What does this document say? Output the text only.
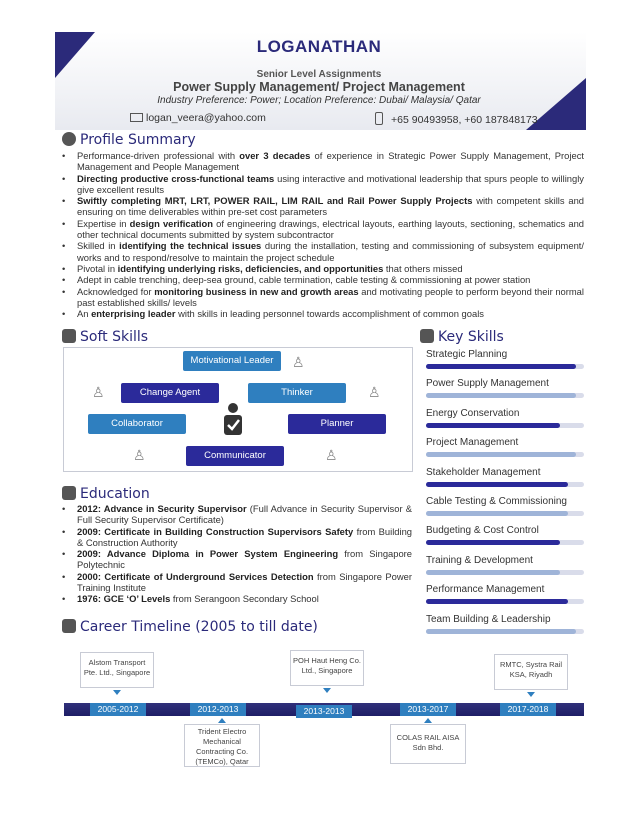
LOGANATHAN
Senior Level Assignments
Power Supply Management/ Project Management
Industry Preference: Power; Location Preference: Dubai/ Malaysia/ Qatar
logan_veera@yahoo.com	+65 90493958, +60 187848173
Profile Summary
• Performance-driven professional with over 3 decades of experience in Strategic Power Supply Management, Project Management and People Management
• Directing productive cross-functional teams using interactive and motivational leadership that spurs people to willingly give excellent results
• Swiftly completing MRT, LRT, POWER RAIL, LIM RAIL and Rail Power Supply Projects with competent skills and ensuring on time deliverables within pre-set cost parameters
• Expertise in design verification of engineering drawings, electrical layouts, earthing layouts, sectioning, schematics and other technical documents submitted by system subcontractor
• Skilled in identifying the technical issues during the installation, testing and commissioning of subsystem equipment/ works and to respond/resolve to maintain the project schedule
• Pivotal in identifying underlying risks, deficiencies, and opportunities that others missed
• Adept in cable trenching, deep-sea ground, cable termination, cable testing & commissioning at power station
• Acknowledged for monitoring business in new and growth areas and motivating people to perform beyond their normal past established skills/ levels
• An enterprising leader with skills in leading personnel towards accomplishment of common goals
Soft Skills
Motivational Leader
Change Agent	Thinker
Collaborator	Planner
Communicator
♙
♙	♙
♙	♙
Key Skills
Strategic Planning
Power Supply Management
Energy Conservation
Project Management
Stakeholder Management
Cable Testing & Commissioning
Budgeting & Cost Control
Training & Development
Performance Management
Team Building & Leadership
Education
• 2012: Advance in Security Supervisor (Full Advance in Security Supervisor & Full Security Supervisor Certificate)
• 2009: Certificate in Building Construction Supervisors Safety from Building & Construction Authority
• 2009: Advance Diploma in Power System Engineering from Singapore Polytechnic
• 2000: Certificate of Underground Services Detection from Singapore Power Training Institute
• 1976: GCE ‘O’ Levels from Serangoon Secondary School
Career Timeline (2005 to till date)
Alstom Transport Pte. Ltd., Singapore
POH Haut Heng Co. Ltd., Singapore
RMTC, Systra Rail KSA, Riyadh
2005-2012	2012-2013	2013-2013	2013-2017	2017-2018
Trident Electro Mechanical Contracting Co. (TEMCo), Qatar
COLAS RAIL AISA Sdn Bhd.
